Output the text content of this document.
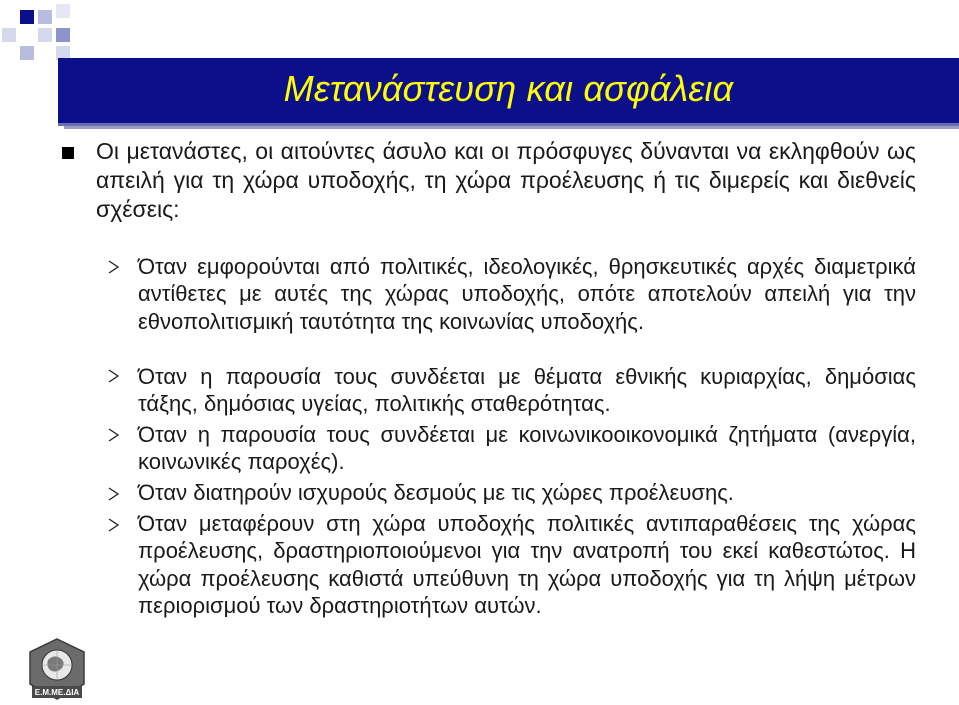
Μετανάστευση και ασφάλεια
Οι μετανάστες, οι αιτούντες άσυλο και οι πρόσφυγες δύνανται να εκληφθούν ως απειλή για τη χώρα υποδοχής, τη χώρα προέλευσης ή τις διμερείς και διεθνείς σχέσεις:
Όταν εμφορούνται από πολιτικές, ιδεολογικές, θρησκευτικές αρχές διαμετρικά αντίθετες με αυτές της χώρας υποδοχής, οπότε αποτελούν απειλή για την εθνοπολιτισμική ταυτότητα της κοινωνίας υποδοχής.
Όταν η παρουσία τους συνδέεται με θέματα εθνικής κυριαρχίας, δημόσιας τάξης, δημόσιας υγείας, πολιτικής σταθερότητας.
Όταν η παρουσία τους συνδέεται με κοινωνικοοικονομικά ζητήματα (ανεργία, κοινωνικές παροχές).
Όταν διατηρούν ισχυρούς δεσμούς με τις χώρες προέλευσης.
Όταν μεταφέρουν στη χώρα υποδοχής πολιτικές αντιπαραθέσεις της χώρας προέλευσης, δραστηριοποιούμενοι για την ανατροπή του εκεί καθεστώτος. Η χώρα προέλευσης καθιστά υπεύθυνη τη χώρα υποδοχής για τη λήψη μέτρων περιορισμού των δραστηριοτήτων αυτών.
Ε.Μ.ΜΕ.ΔΙΑ
